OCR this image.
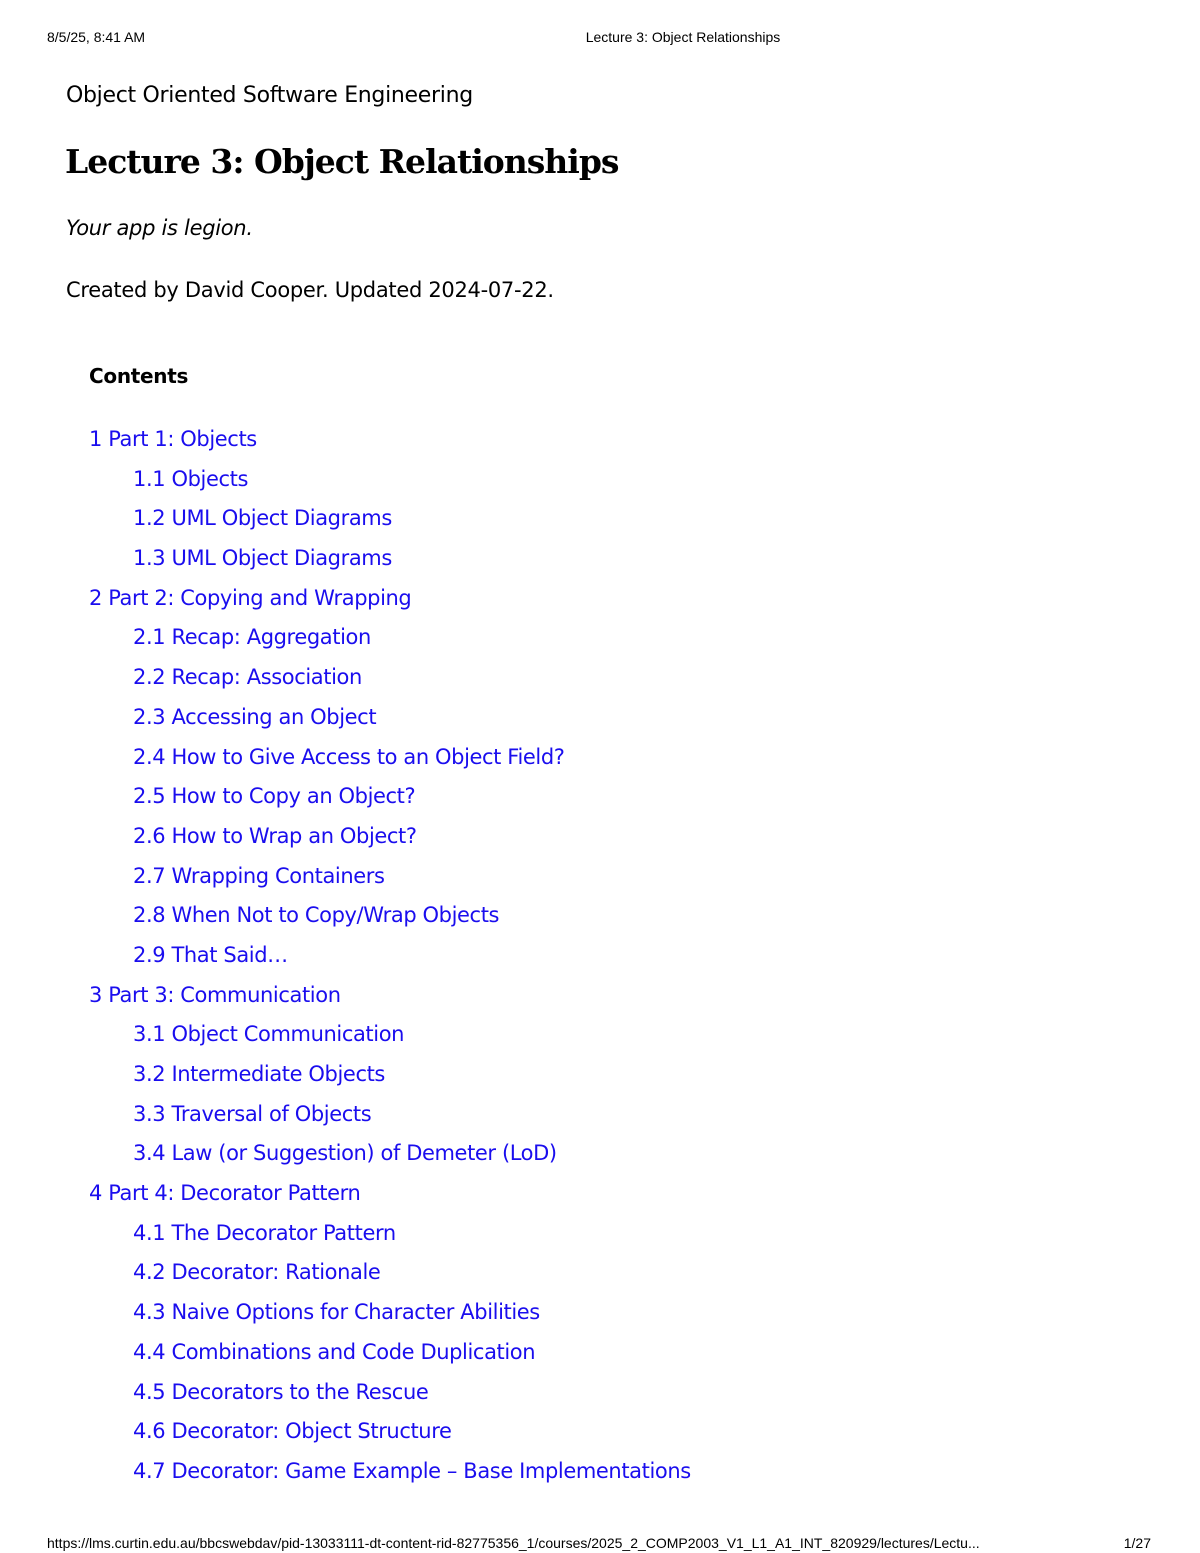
8/5/25, 8:41 AM	Lecture 3: Object Relationships
Object Oriented Software Engineering
Lecture 3: Object Relationships
Your app is legion.
Created by David Cooper. Updated 2024-07-22.
Contents
1 Part 1: Objects
1.1 Objects
1.2 UML Object Diagrams
1.3 UML Object Diagrams
2 Part 2: Copying and Wrapping
2.1 Recap: Aggregation
2.2 Recap: Association
2.3 Accessing an Object
2.4 How to Give Access to an Object Field?
2.5 How to Copy an Object?
2.6 How to Wrap an Object?
2.7 Wrapping Containers
2.8 When Not to Copy/Wrap Objects
2.9 That Said…
3 Part 3: Communication
3.1 Object Communication
3.2 Intermediate Objects
3.3 Traversal of Objects
3.4 Law (or Suggestion) of Demeter (LoD)
4 Part 4: Decorator Pattern
4.1 The Decorator Pattern
4.2 Decorator: Rationale
4.3 Naive Options for Character Abilities
4.4 Combinations and Code Duplication
4.5 Decorators to the Rescue
4.6 Decorator: Object Structure
4.7 Decorator: Game Example – Base Implementations
https://lms.curtin.edu.au/bbcswebdav/pid-13033111-dt-content-rid-82775356_1/courses/2025_2_COMP2003_V1_L1_A1_INT_820929/lectures/Lectu...	1/27
